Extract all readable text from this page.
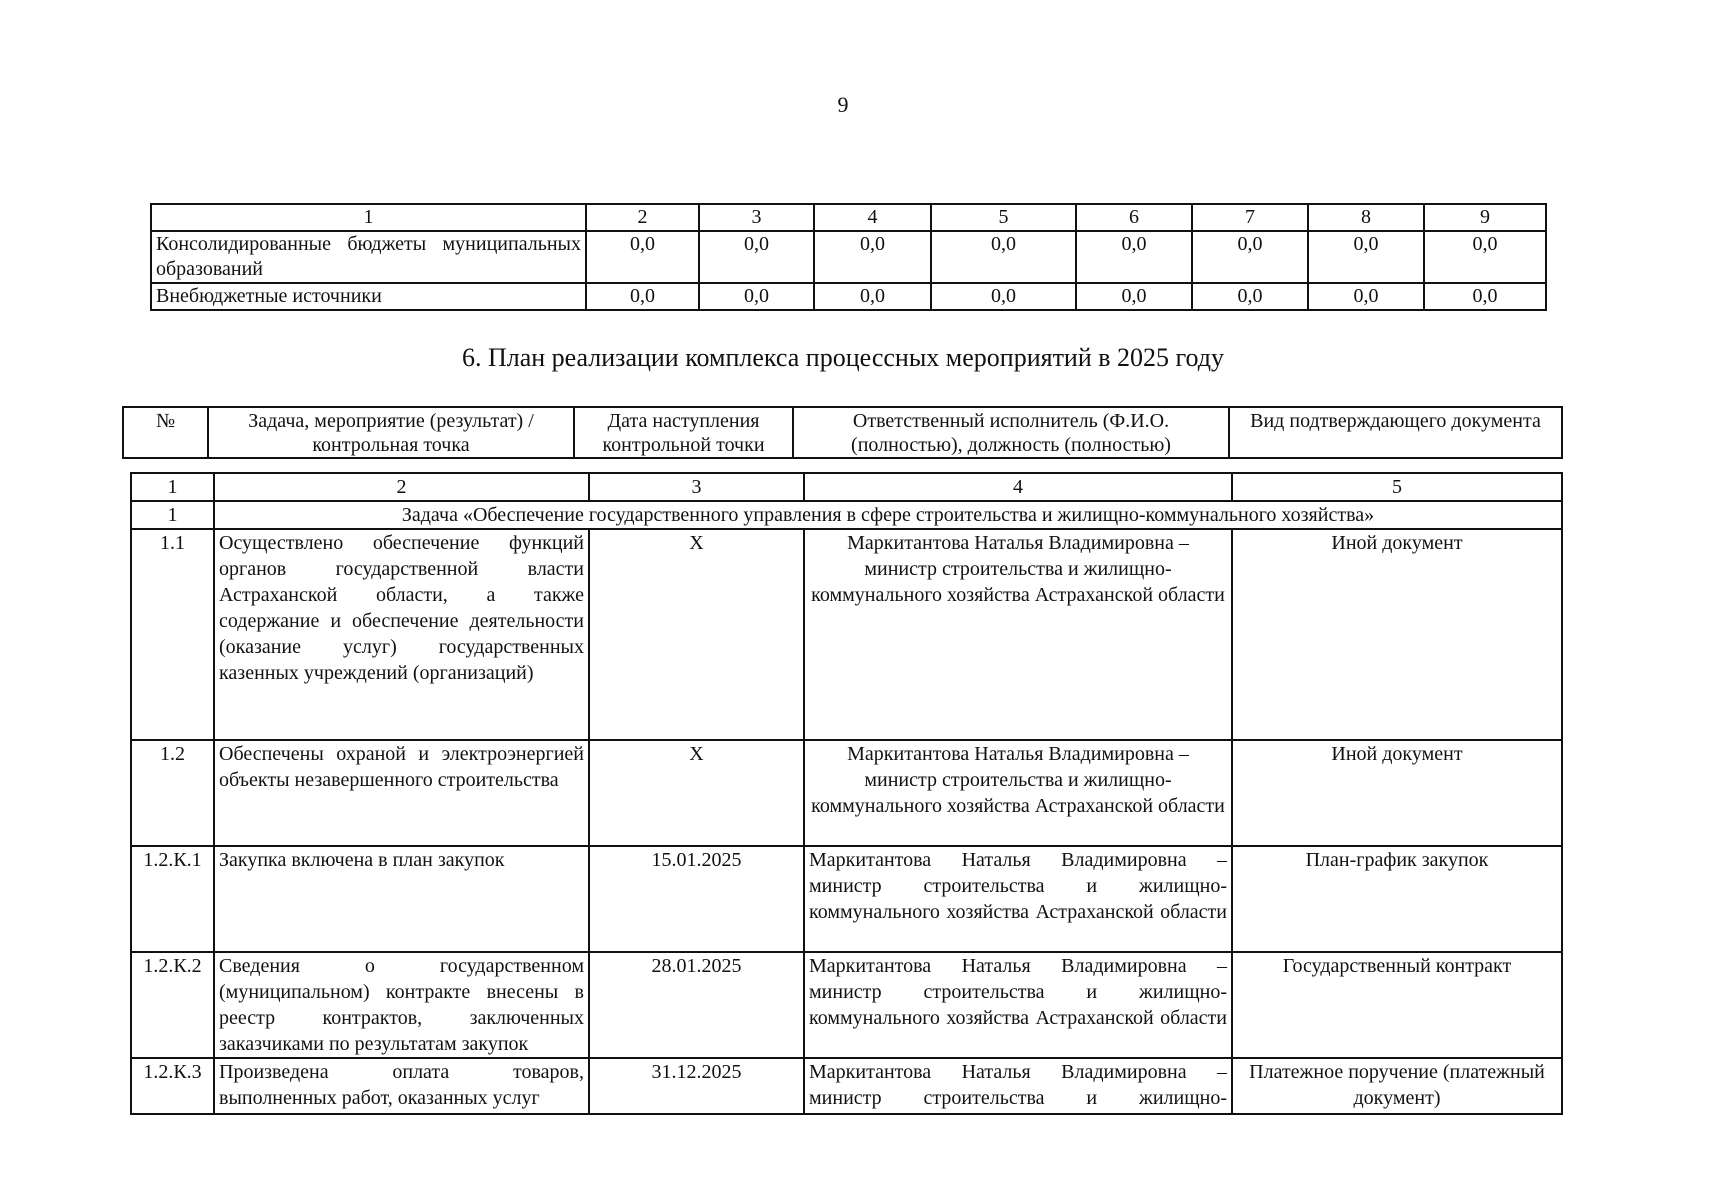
9
1	2	3	4	5	6	7	8	9
Консолидированные бюджеты муниципальных образований	0,0	0,0	0,0	0,0	0,0	0,0	0,0	0,0
Внебюджетные источники	0,0	0,0	0,0	0,0	0,0	0,0	0,0	0,0
6. План реализации комплекса процессных мероприятий в 2025 году
№	Задача, мероприятие (результат) / контрольная точка	Дата наступления контрольной точки	Ответственный исполнитель (Ф.И.О. (полностью), должность (полностью)	Вид подтверждающего документа
1	2	3	4	5
1	Задача «Обеспечение государственного управления в сфере строительства и жилищно-коммунального хозяйства»			
1.1	Осуществлено обеспечение функций органов государственной власти Астраханской области, а также содержание и обеспечение деятельности (оказание услуг) государственных казенных учреждений (организаций)	X	Маркитантова Наталья Владимировна – министр строительства и жилищно-коммунального хозяйства Астраханской области	Иной документ
1.2	Обеспечены охраной и электроэнергией объекты незавершенного строительства	X	Маркитантова Наталья Владимировна – министр строительства и жилищно-коммунального хозяйства Астраханской области	Иной документ
1.2.К.1	Закупка включена в план закупок	15.01.2025	Маркитантова Наталья Владимировна – министр строительства и жилищно-коммунального хозяйства Астраханской области	План-график закупок
1.2.К.2	Сведения о государственном (муниципальном) контракте внесены в реестр контрактов, заключенных заказчиками по результатам закупок	28.01.2025	Маркитантова Наталья Владимировна – министр строительства и жилищно-коммунального хозяйства Астраханской области	Государственный контракт
1.2.К.3	Произведена оплата товаров, выполненных работ, оказанных услуг	31.12.2025	Маркитантова Наталья Владимировна – министр строительства и жилищно-	Платежное поручение (платежный документ)
